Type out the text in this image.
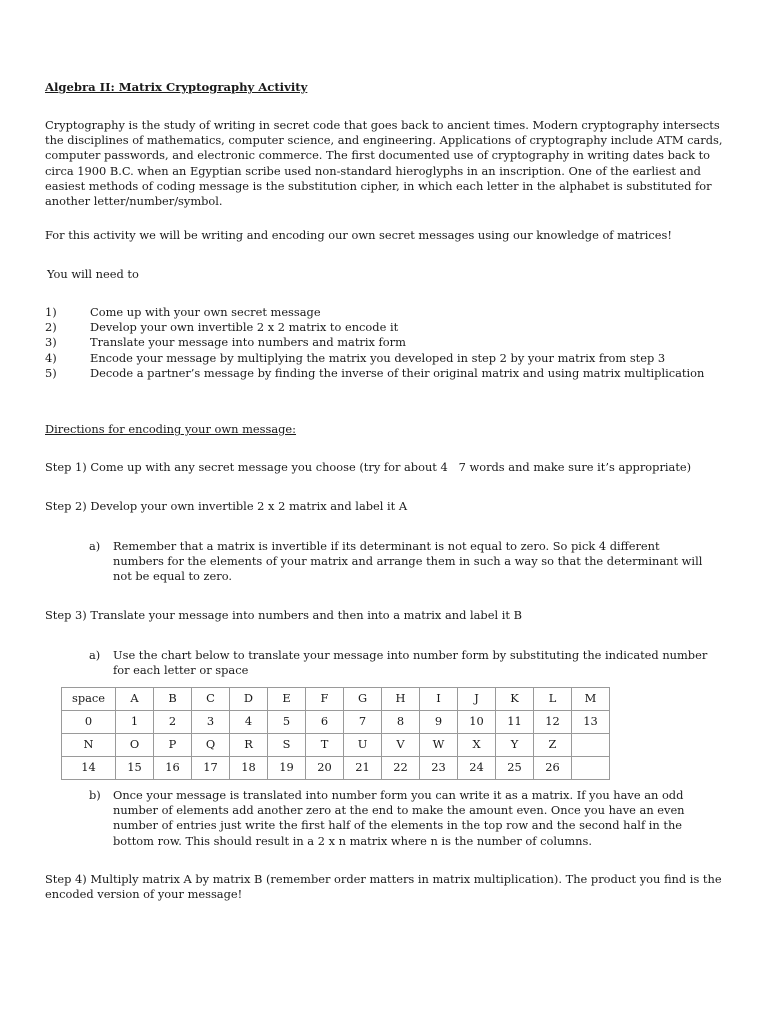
Algebra II: Matrix Cryptography Activity
Cryptography is the study of writing in secret code that goes back to ancient times. Modern cryptography intersects the disciplines of mathematics, computer science, and engineering. Applications of cryptography include ATM cards, computer passwords, and electronic commerce. The first documented use of cryptography in writing dates back to circa 1900 B.C. when an Egyptian scribe used non-standard hieroglyphs in an inscription. One of the earliest and easiest methods of coding message is the substitution cipher, in which each letter in the alphabet is substituted for another letter/number/symbol.
For this activity we will be writing and encoding our own secret messages using our knowledge of matrices!
You will need to
1)	Come up with your own secret message
2)	Develop your own invertible 2 x 2 matrix to encode it
3)	Translate your message into numbers and matrix form
4)	Encode your message by multiplying the matrix you developed in step 2 by your matrix from step 3
5)	Decode a partner’s message by finding the inverse of their original matrix and using matrix multiplication
Directions for encoding your own message:
Step 1) Come up with any secret message you choose (try for about 4   7 words and make sure it’s appropriate)
Step 2) Develop your own invertible 2 x 2 matrix and label it A
a) Remember that a matrix is invertible if its determinant is not equal to zero. So pick 4 different numbers for the elements of your matrix and arrange them in such a way so that the determinant will not be equal to zero.
Step 3) Translate your message into numbers and then into a matrix and label it B
a) Use the chart below to translate your message into number form by substituting the indicated number for each letter or space
space	A	B	C	D	E	F	G	H	I	J	K	L	M
0	1	2	3	4	5	6	7	8	9	10	11	12	13
N	O	P	Q	R	S	T	U	V	W	X	Y	Z	
14	15	16	17	18	19	20	21	22	23	24	25	26	
b) Once your message is translated into number form you can write it as a matrix. If you have an odd number of elements add another zero at the end to make the amount even. Once you have an even number of entries just write the first half of the elements in the top row and the second half in the bottom row. This should result in a 2 x n matrix where n is the number of columns.
Step 4) Multiply matrix A by matrix B (remember order matters in matrix multiplication). The product you find is the encoded version of your message!
